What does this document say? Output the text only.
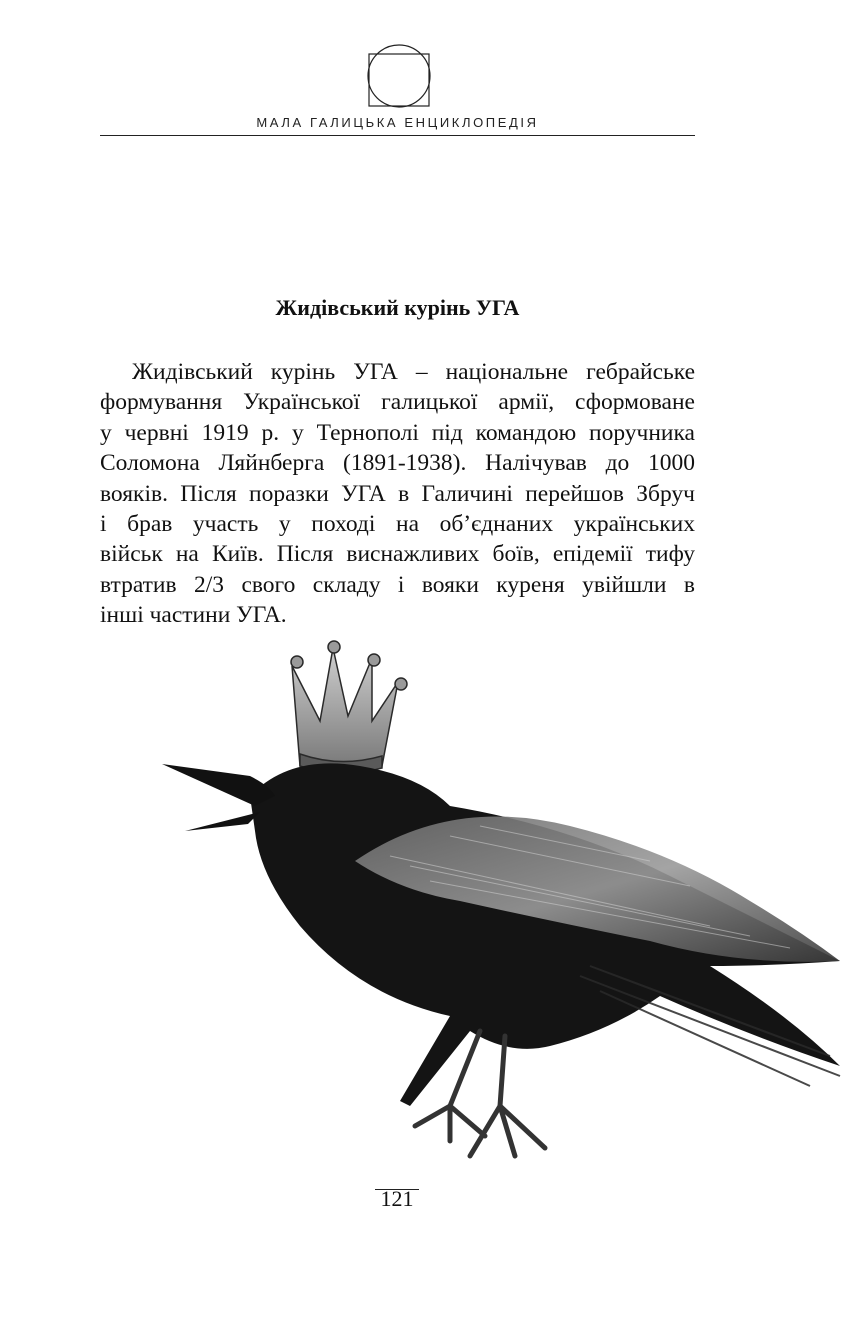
МАЛА ГАЛИЦЬКА ЕНЦИКЛОПЕДІЯ
Жидівський курінь УГА
Жидівський курінь УГА – національне гебрайське
формування Української галицької армії, сформоване
у червні 1919 р. у Тернополі під командою поручника
Соломона Ляйнберга (1891-1938). Налічував до 1000
вояків. Після поразки УГА в Галичині перейшов Збруч
і брав участь у поході на об’єднаних українських
військ на Київ. Після виснажливих боїв, епідемії тифу
втратив 2/3 свого складу і вояки куреня увійшли в
інші частини УГА.
121
